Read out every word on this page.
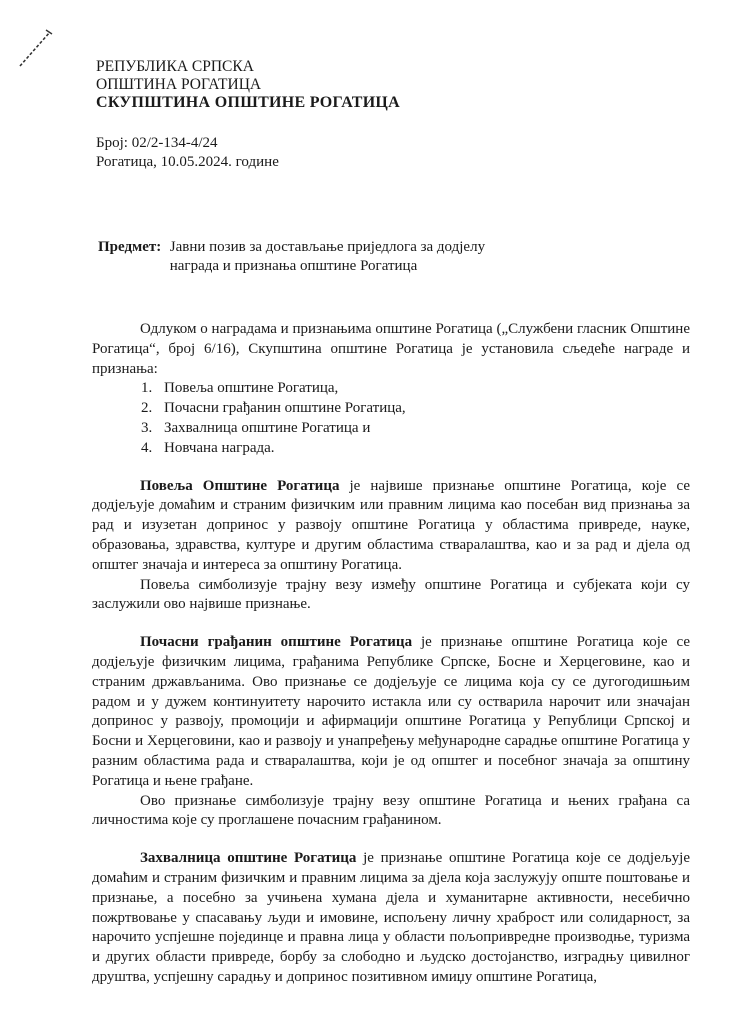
РЕПУБЛИКА СРПСКА
ОПШТИНА РОГАТИЦА
СКУПШТИНА ОПШТИНЕ РОГАТИЦА
Број: 02/2-134-4/24
Рогатица, 10.05.2024. године
Предмет: Јавни позив за достављање приједлога за додјелу награда и признања општине Рогатица

Одлуком о наградама и признањима општине Рогатица („Службени гласник Општине Рогатица“, број 6/16), Скупштина општине Рогатица је установила сљедеће награде и признања:

1. Повеља општине Рогатица,
2. Почасни грађанин општине Рогатица,
3. Захвалница општине Рогатица и
4. Новчана награда.

Повеља Општине Рогатица је највише признање општине Рогатица, које се додјељује домаћим и страним физичким или правним лицима као посебан вид признања за рад и изузетан допринос у развоју општине Рогатица у областима привреде, науке, образовања, здравства, културе и другим областима стваралаштва, као и за рад и дјела од општег значаја и интереса за општину Рогатица.

Повеља симболизује трајну везу између општине Рогатица и субјеката који су заслужили ово највише признање.

Почасни грађанин општине Рогатица је признање општине Рогатица које се додјељује физичким лицима, грађанима Републике Српске, Босне и Херцеговине, као и страним држављанима. Ово признање се додјељује се лицима која су се дугогодишњим радом и у дужем континуитету нарочито истакла или су остварила нарочит или значајан допринос у развоју, промоцији и афирмацији општине Рогатица у Републици Српској и Босни и Херцеговини, као и развоју и унапређењу међународне сарадње општине Рогатица у разним областима рада и стваралаштва, који је од општег и посебног значаја за општину Рогатица и њене грађане.

Ово признање симболизује трајну везу општине Рогатица и њених грађана са личностима које су проглашене почасним грађанином.

Захвалница општине Рогатица је признање општине Рогатица које се додјељује домаћим и страним физичким и правним лицима за дјела која заслужују опште поштовање и признање, а посебно за учињена хумана дјела и хуманитарне активности, несебично пожртвовање у спасавању људи и имовине, испољену личну храброст или солидарност, за нарочито успјешне појединце и правна лица у области пољопривредне производње, туризма и других области привреде, борбу за слободно и људско достојанство, изградњу цивилног друштва, успјешну сарадњу и допринос позитивном имиџу општине Рогатица,
